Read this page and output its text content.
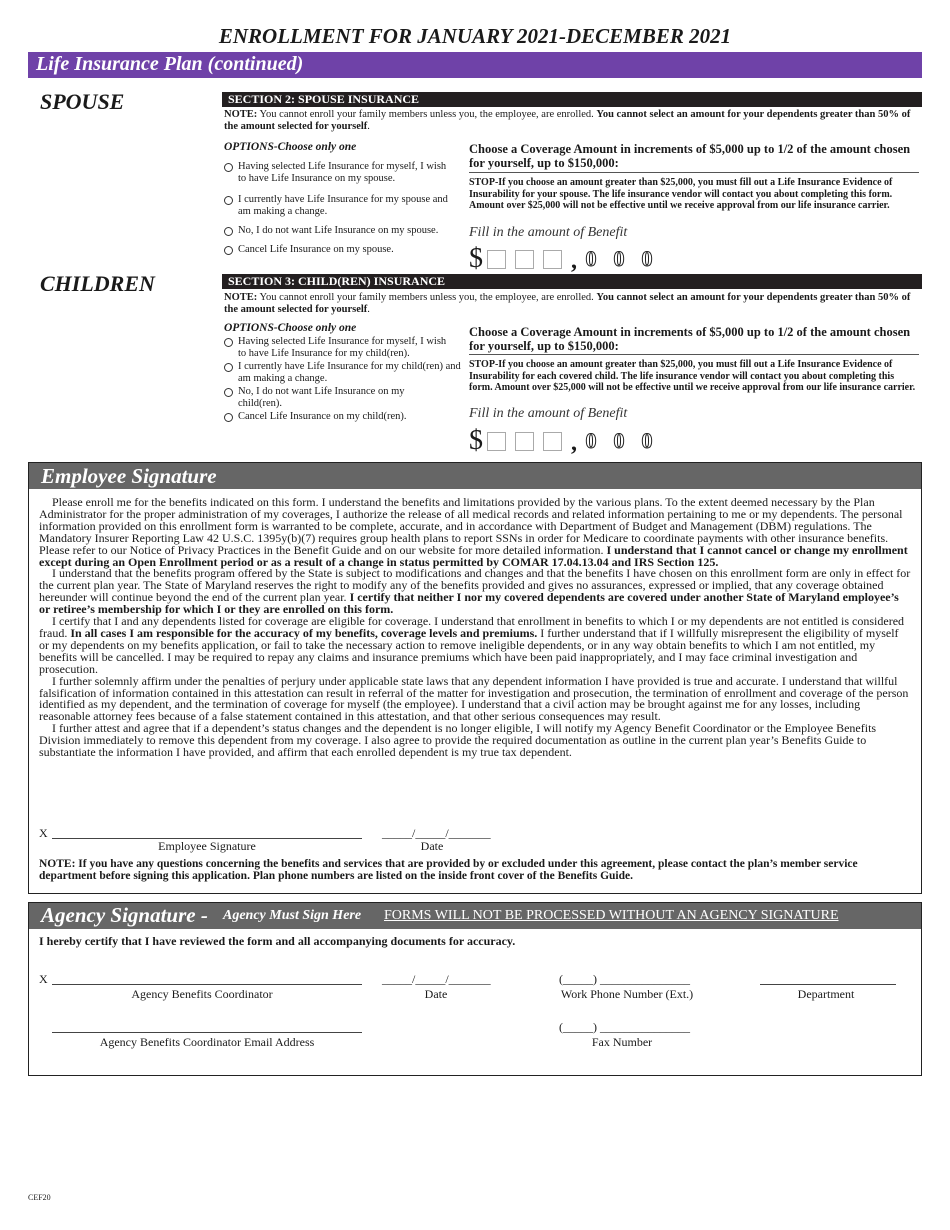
ENROLLMENT FOR JANUARY 2021-DECEMBER 2021
Life Insurance Plan (continued)
SPOUSE	SECTION 2: SPOUSE INSURANCE
NOTE: You cannot enroll your family members unless you, the employee, are enrolled. You cannot select an amount for your dependents greater than 50% of the amount selected for yourself.
OPTIONS-Choose only one
Having selected Life Insurance for myself, I wish to have Life Insurance on my spouse.
I currently have Life Insurance for my spouse and am making a change.
No, I do not want Life Insurance on my spouse.
Cancel Life Insurance on my spouse.
Choose a Coverage Amount in increments of $5,000 up to 1/2 of the amount chosen for yourself, up to $150,000:
STOP-If you choose an amount greater than $25,000, you must fill out a Life Insurance Evidence of Insurability for your spouse. The life insurance vendor will contact you about completing this form. Amount over $25,000 will not be effective until we receive approval from our life insurance carrier.
Fill in the amount of Benefit
$	, 0 0 0
CHILDREN	SECTION 3: CHILD(REN) INSURANCE
NOTE: You cannot enroll your family members unless you, the employee, are enrolled. You cannot select an amount for your dependents greater than 50% of the amount selected for yourself.
OPTIONS-Choose only one
Having selected Life Insurance for myself, I wish to have Life Insurance for my child(ren).
I currently have Life Insurance for my child(ren) and am making a change.
No, I do not want Life Insurance on my child(ren).
Cancel Life Insurance on my child(ren).
Choose a Coverage Amount in increments of $5,000 up to 1/2 of the amount chosen for yourself, up to $150,000:
STOP-If you choose an amount greater than $25,000, you must fill out a Life Insurance Evidence of Insurability for each covered child. The life insurance vendor will contact you about completing this form. Amount over $25,000 will not be effective until we receive approval from our life insurance carrier.
Fill in the amount of Benefit
$	, 0 0 0
Employee Signature
Please enroll me for the benefits indicated on this form. I understand the benefits and limitations provided by the various plans. To the extent deemed necessary by the Plan Administrator for the proper administration of my coverages, I authorize the release of all medical records and related information pertaining to me or my dependents. The personal information provided on this enrollment form is warranted to be complete, accurate, and in accordance with Department of Budget and Management (DBM) regulations. The Mandatory Insurer Reporting Law 42 U.S.C. 1395y(b)(7) requires group health plans to report SSNs in order for Medicare to coordinate payments with other insurance benefits. Please refer to our Notice of Privacy Practices in the Benefit Guide and on our website for more detailed information. I understand that I cannot cancel or change my enrollment except during an Open Enrollment period or as a result of a change in status permitted by COMAR 17.04.13.04 and IRS Section 125.
I understand that the benefits program offered by the State is subject to modifications and changes and that the benefits I have chosen on this enrollment form are only in effect for the current plan year. The State of Maryland reserves the right to modify any of the benefits provided and gives no assurances, expressed or implied, that any coverage obtained hereunder will continue beyond the end of the current plan year. I certify that neither I nor my covered dependents are covered under another State of Maryland employee’s or retiree’s membership for which I or they are enrolled on this form.
I certify that I and any dependents listed for coverage are eligible for coverage. I understand that enrollment in benefits to which I or my dependents are not entitled is considered fraud. In all cases I am responsible for the accuracy of my benefits, coverage levels and premiums. I further understand that if I willfully misrepresent the eligibility of myself or my dependents on my benefits application, or fail to take the necessary action to remove ineligible dependents, or in any way obtain benefits to which I am not entitled, my benefits will be cancelled. I may be required to repay any claims and insurance premiums which have been paid inappropriately, and I may face criminal investigation and prosecution.
I further solemnly affirm under the penalties of perjury under applicable state laws that any dependent information I have provided is true and accurate. I understand that willful falsification of information contained in this attestation can result in referral of the matter for investigation and prosecution, the termination of enrollment and coverage of the person identified as my dependent, and the termination of coverage for myself (the employee). I understand that a civil action may be brought against me for any losses, including reasonable attorney fees because of a false statement contained in this attestation, and that other serious consequences may result.
I further attest and agree that if a dependent’s status changes and the dependent is no longer eligible, I will notify my Agency Benefit Coordinator or the Employee Benefits Division immediately to remove this dependent from my coverage. I also agree to provide the required documentation as outline in the current plan year’s Benefits Guide to substantiate the information I have provided, and affirm that each enrolled dependent is my true tax dependent.
X
Employee Signature
_____/_____/_______
Date
NOTE: If you have any questions concerning the benefits and services that are provided by or excluded under this agreement, please contact the plan’s member service department before signing this application. Plan phone numbers are listed on the inside front cover of the Benefits Guide.
Agency Signature - Agency Must Sign Here FORMS WILL NOT BE PROCESSED WITHOUT AN AGENCY SIGNATURE
I hereby certify that I have reviewed the form and all accompanying documents for accuracy.
X
Agency Benefits Coordinator
_____/_____/_______
Date
(_____) _______________
Work Phone Number (Ext.)	Department
Agency Benefits Coordinator Email Address
(_____) _______________
Fax Number
CEF20
